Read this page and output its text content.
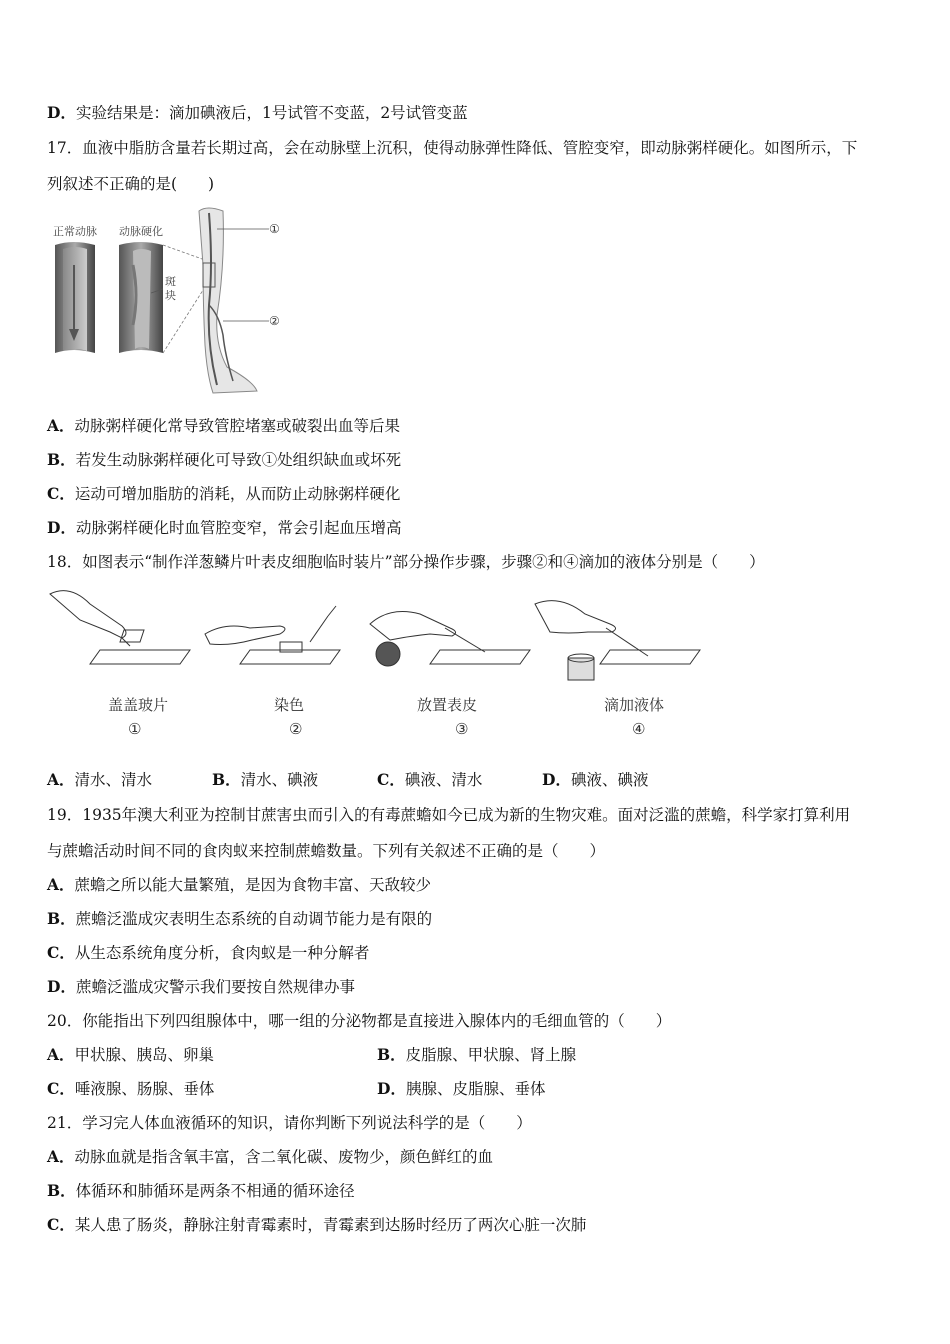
D．实验结果是：滴加碘液后，1号试管不变蓝，2号试管变蓝
17．血液中脂肪含量若长期过高，会在动脉壁上沉积，使得动脉弹性降低、管腔变窄，即动脉粥样硬化。如图所示，下
列叙述不正确的是(　　)
正常动脉 动脉硬化
斑
块
①
②
A．动脉粥样硬化常导致管腔堵塞或破裂出血等后果
B．若发生动脉粥样硬化可导致①处组织缺血或坏死
C．运动可增加脂肪的消耗，从而防止动脉粥样硬化
D．动脉粥样硬化时血管腔变窄，常会引起血压增高
18．如图表示“制作洋葱鳞片叶表皮细胞临时装片”部分操作步骤，步骤②和④滴加的液体分别是（　　）
盖盖玻片
①
染色
②
放置表皮
③
滴加液体
④
A．清水、清水	B．清水、碘液	C．碘液、清水	D．碘液、碘液
19．1935年澳大利亚为控制甘蔗害虫而引入的有毒蔗蟾如今已成为新的生物灾难。面对泛滥的蔗蟾，科学家打算利用
与蔗蟾活动时间不同的食肉蚁来控制蔗蟾数量。下列有关叙述不正确的是（　　）
A．蔗蟾之所以能大量繁殖，是因为食物丰富、天敌较少
B．蔗蟾泛滥成灾表明生态系统的自动调节能力是有限的
C．从生态系统角度分析，食肉蚁是一种分解者
D．蔗蟾泛滥成灾警示我们要按自然规律办事
20．你能指出下列四组腺体中，哪一组的分泌物都是直接进入腺体内的毛细血管的（　　）
A．甲状腺、胰岛、卵巢	B．皮脂腺、甲状腺、肾上腺
C．唾液腺、肠腺、垂体	D．胰腺、皮脂腺、垂体
21．学习完人体血液循环的知识，请你判断下列说法科学的是（　　）
A．动脉血就是指含氧丰富，含二氧化碳、废物少，颜色鲜红的血
B．体循环和肺循环是两条不相通的循环途径
C．某人患了肠炎，静脉注射青霉素时，青霉素到达肠时经历了两次心脏一次肺
